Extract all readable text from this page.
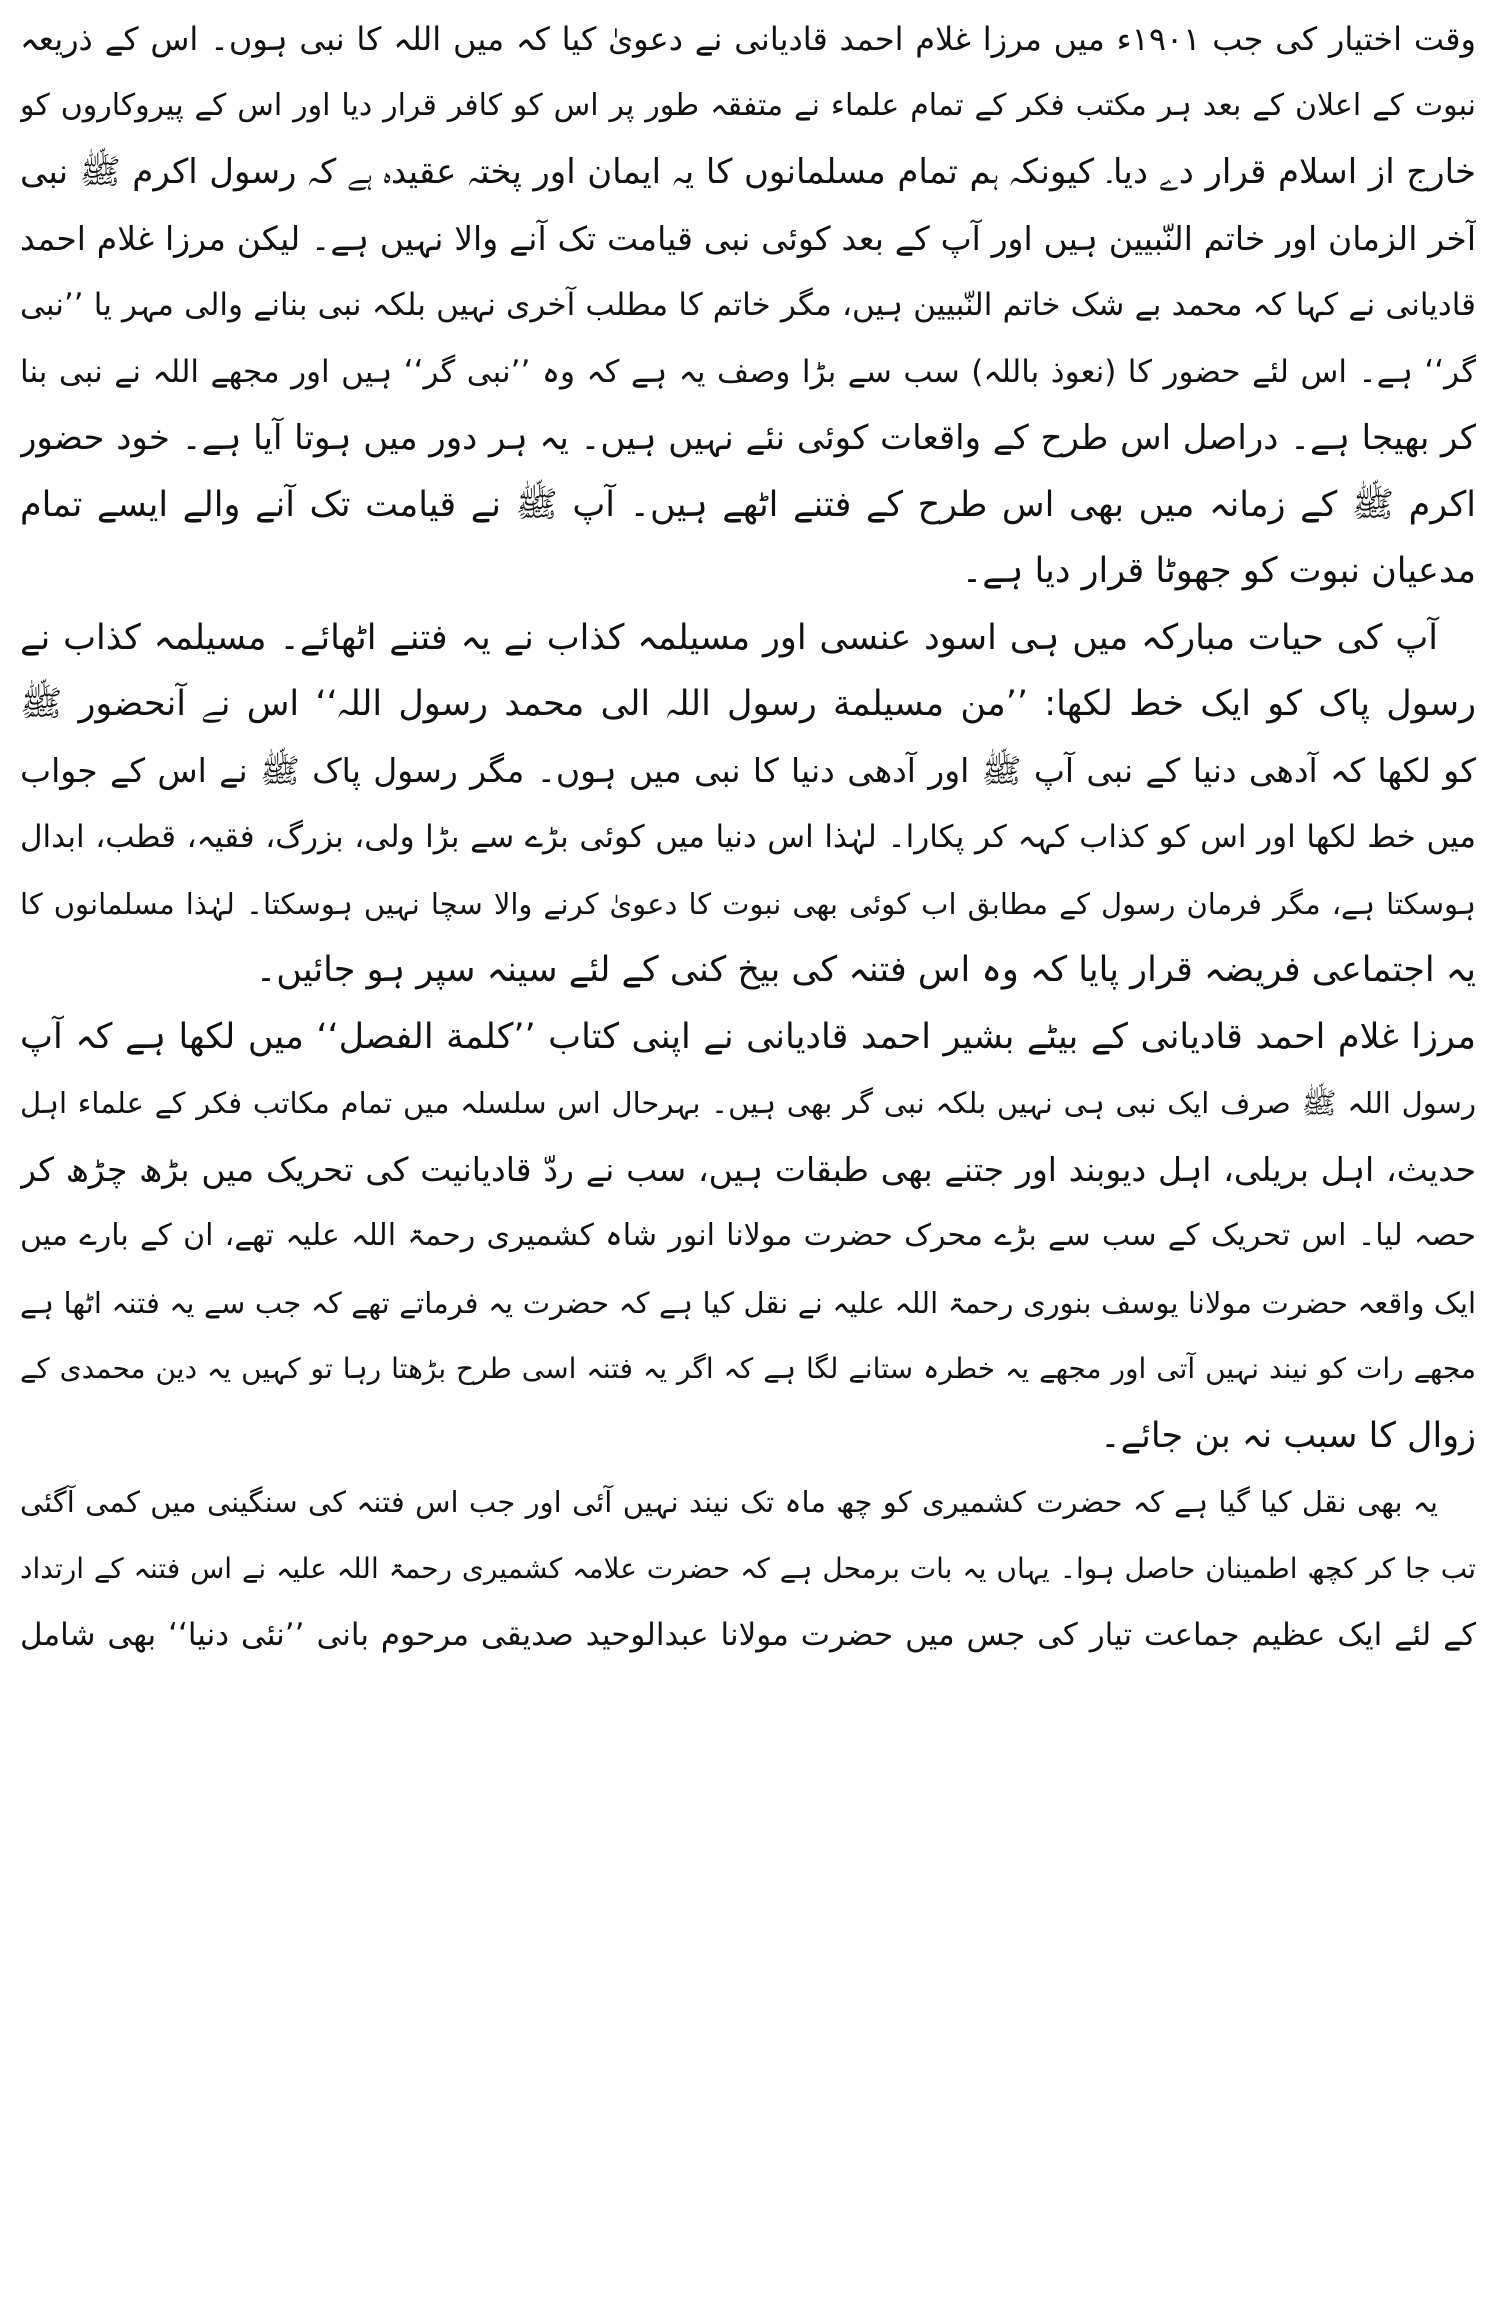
وقت اختیار کی جب ۱۹۰۱ء میں مرزا غلام احمد قادیانی نے دعویٰ کیا کہ میں اللہ کا نبی ہوں۔ اس کے ذریعہ
نبوت کے اعلان کے بعد ہر مکتب فکر کے تمام علماء نے متفقہ طور پر اس کو کافر قرار دیا اور اس کے پیروکاروں کو
خارج از اسلام قرار دے دیا۔ کیونکہ ہم تمام مسلمانوں کا یہ ایمان اور پختہ عقیدہ ہے کہ رسول اکرم ﷺ نبی
آخر الزمان اور خاتم النّبیین ہیں اور آپ کے بعد کوئی نبی قیامت تک آنے والا نہیں ہے۔ لیکن مرزا غلام احمد
قادیانی نے کہا کہ محمد بے شک خاتم النّبیین ہیں، مگر خاتم کا مطلب آخری نہیں بلکہ نبی بنانے والی مہر یا ’’نبی
گر‘‘ ہے۔ اس لئے حضور کا (نعوذ باللہ) سب سے بڑا وصف یہ ہے کہ وہ ’’نبی گر‘‘ ہیں اور مجھے اللہ نے نبی بنا
کر بھیجا ہے۔ دراصل اس طرح کے واقعات کوئی نئے نہیں ہیں۔ یہ ہر دور میں ہوتا آیا ہے۔ خود حضور
اکرم ﷺ کے زمانہ میں بھی اس طرح کے فتنے اٹھے ہیں۔ آپ ﷺ نے قیامت تک آنے والے ایسے تمام
مدعیان نبوت کو جھوٹا قرار دیا ہے۔
آپ کی حیات مبارکہ میں ہی اسود عنسی اور مسیلمہ کذاب نے یہ فتنے اٹھائے۔ مسیلمہ کذاب نے
رسول پاک کو ایک خط لکھا: ’’من مسیلمة رسول اللہ الی محمد رسول اللہ‘‘ اس نے آنحضور ﷺ
کو لکھا کہ آدھی دنیا کے نبی آپ ﷺ اور آدھی دنیا کا نبی میں ہوں۔ مگر رسول پاک ﷺ نے اس کے جواب
میں خط لکھا اور اس کو کذاب کہہ کر پکارا۔ لہٰذا اس دنیا میں کوئی بڑے سے بڑا ولی، بزرگ، فقیہ، قطب، ابدال
ہوسکتا ہے، مگر فرمان رسول کے مطابق اب کوئی بھی نبوت کا دعویٰ کرنے والا سچا نہیں ہوسکتا۔ لہٰذا مسلمانوں کا
یہ اجتماعی فریضہ قرار پایا کہ وہ اس فتنہ کی بیخ کنی کے لئے سینہ سپر ہو جائیں۔
مرزا غلام احمد قادیانی کے بیٹے بشیر احمد قادیانی نے اپنی کتاب ’’کلمة الفصل‘‘ میں لکھا ہے کہ آپ
رسول اللہ ﷺ صرف ایک نبی ہی نہیں بلکہ نبی گر بھی ہیں۔ بہرحال اس سلسلہ میں تمام مکاتب فکر کے علماء اہل
حدیث، اہل بریلی، اہل دیوبند اور جتنے بھی طبقات ہیں، سب نے ردّ قادیانیت کی تحریک میں بڑھ چڑھ کر
حصہ لیا۔ اس تحریک کے سب سے بڑے محرک حضرت مولانا انور شاہ کشمیری رحمۃ اللہ علیہ تھے، ان کے بارے میں
ایک واقعہ حضرت مولانا یوسف بنوری رحمۃ اللہ علیہ نے نقل کیا ہے کہ حضرت یہ فرماتے تھے کہ جب سے یہ فتنہ اٹھا ہے
مجھے رات کو نیند نہیں آتی اور مجھے یہ خطرہ ستانے لگا ہے کہ اگر یہ فتنہ اسی طرح بڑھتا رہا تو کہیں یہ دین محمدی کے
زوال کا سبب نہ بن جائے۔
یہ بھی نقل کیا گیا ہے کہ حضرت کشمیری کو چھ ماہ تک نیند نہیں آئی اور جب اس فتنہ کی سنگینی میں کمی آگئی
تب جا کر کچھ اطمینان حاصل ہوا۔ یہاں یہ بات برمحل ہے کہ حضرت علامہ کشمیری رحمۃ اللہ علیہ نے اس فتنہ کے ارتداد
کے لئے ایک عظیم جماعت تیار کی جس میں حضرت مولانا عبدالوحید صدیقی مرحوم بانی ’’نئی دنیا‘‘ بھی شامل
